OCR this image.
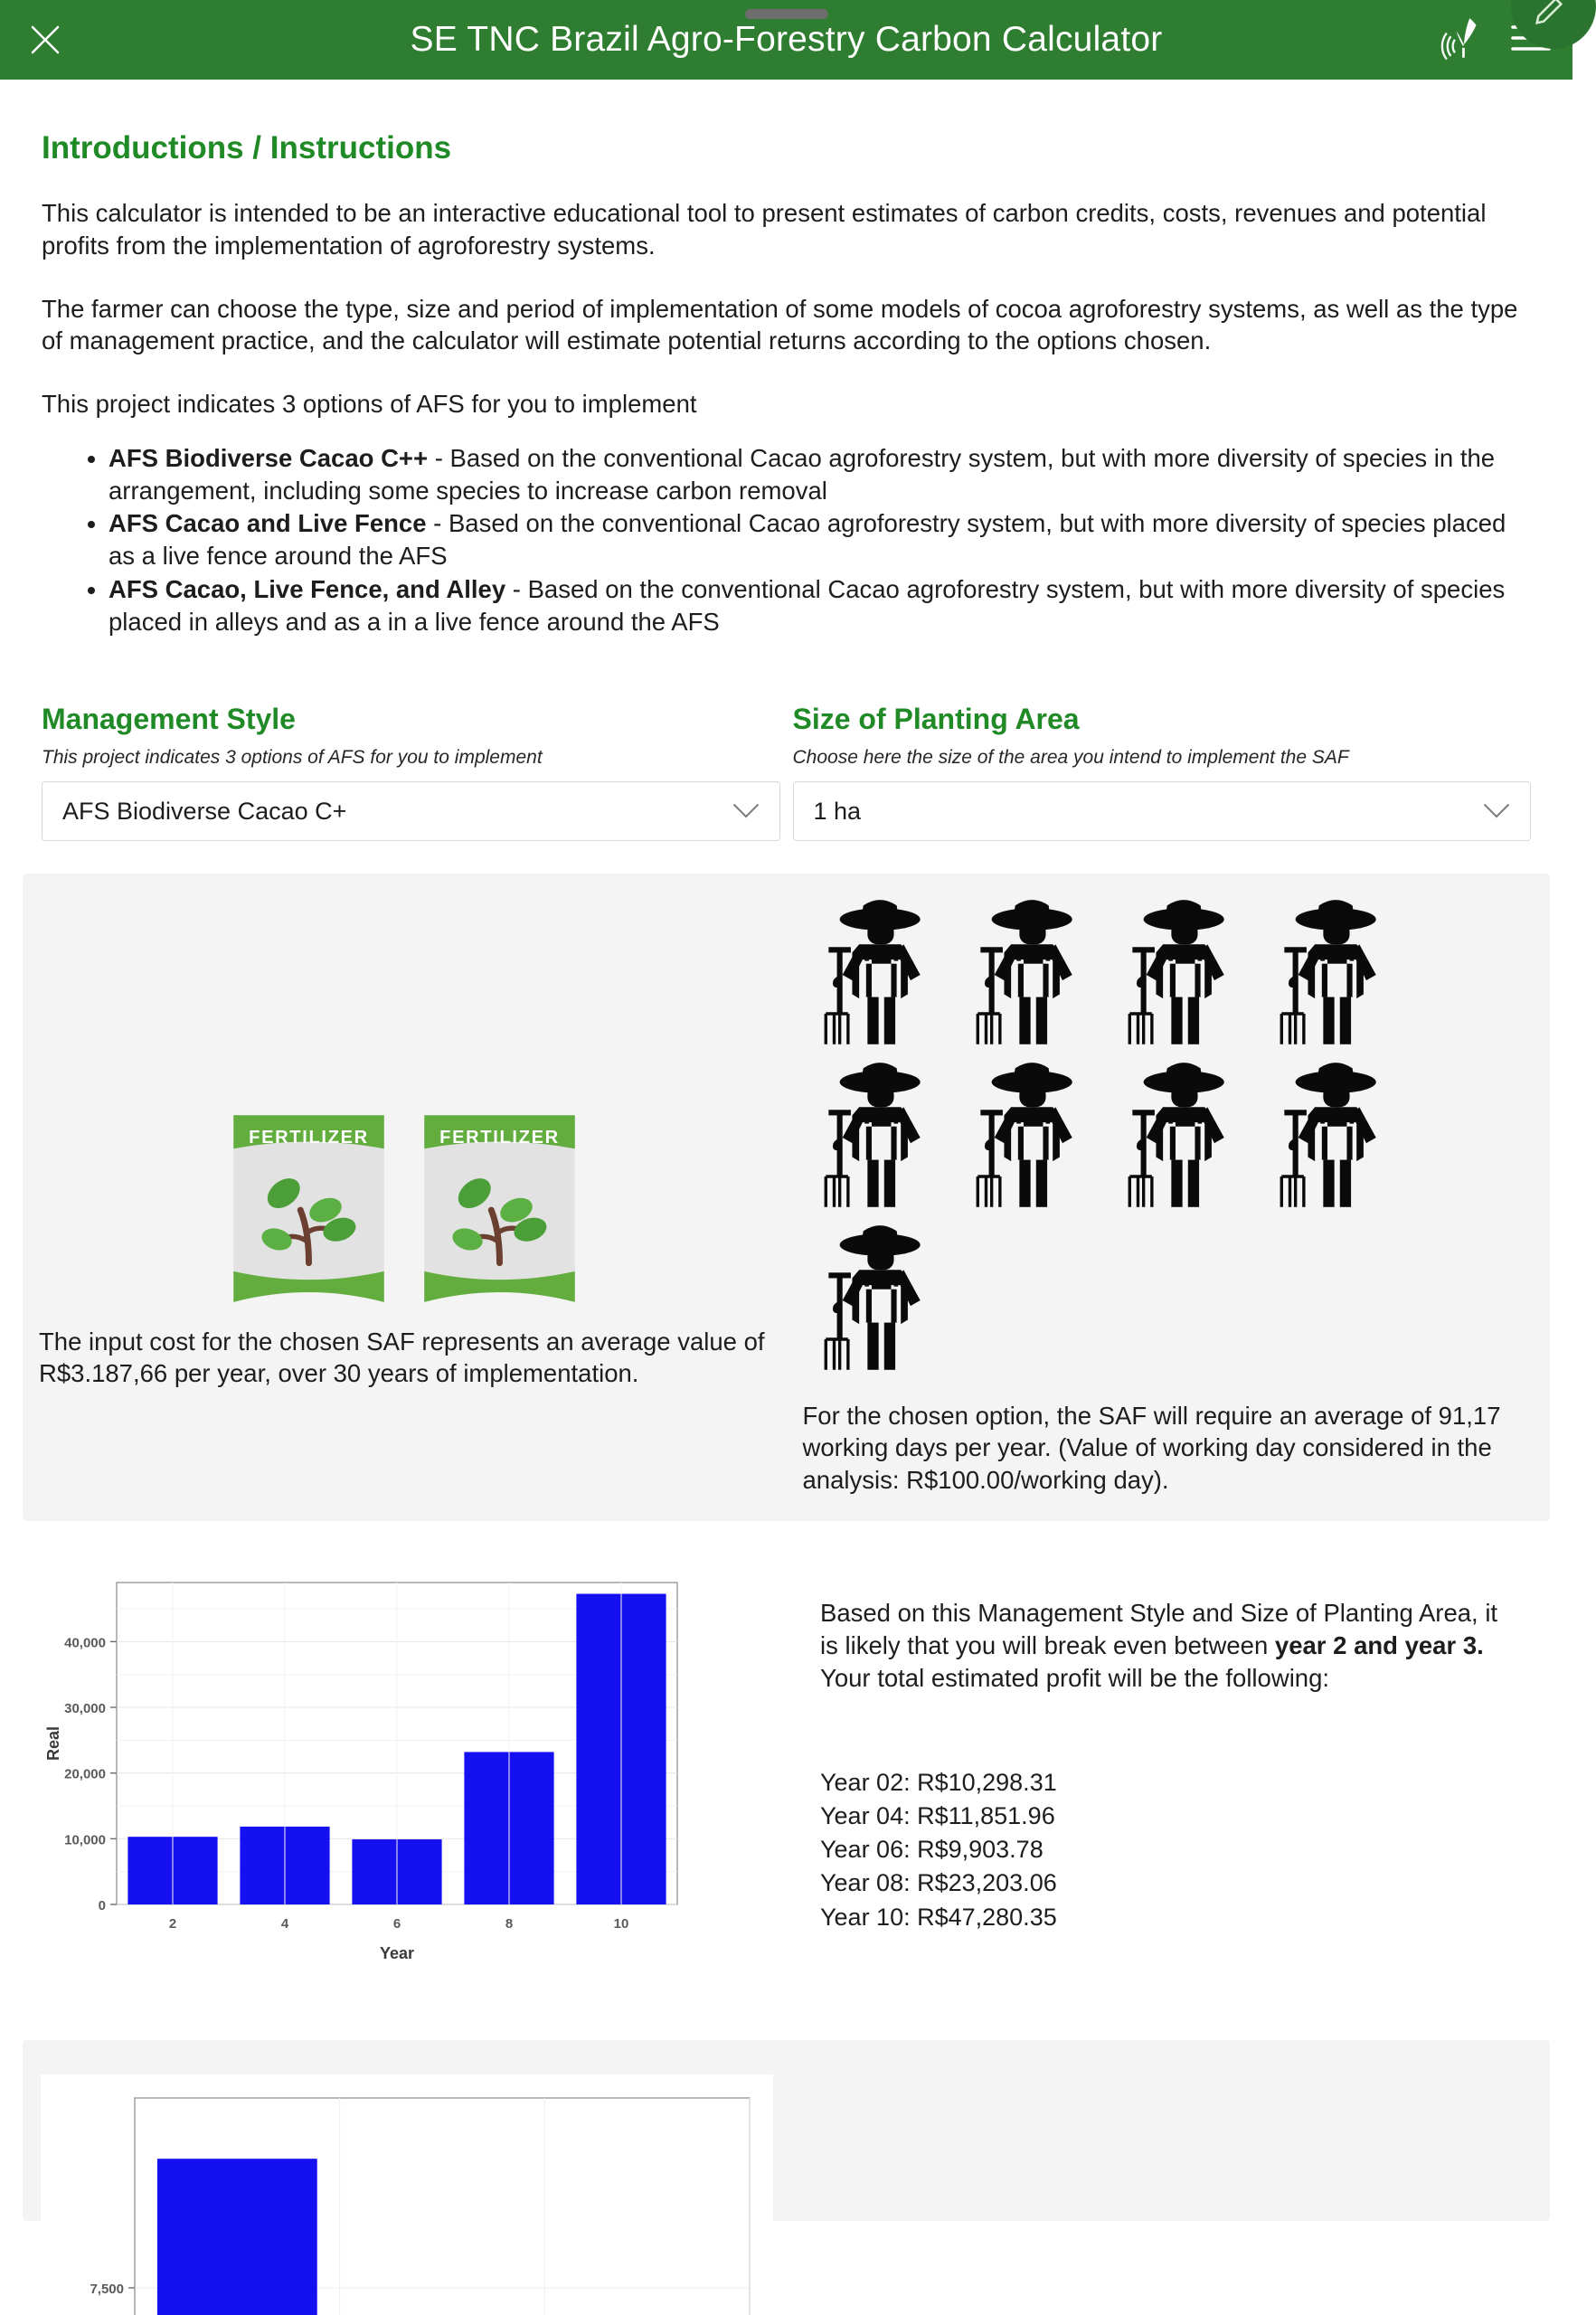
SE TNC Brazil Agro-Forestry Carbon Calculator
Introductions / Instructions

This calculator is intended to be an interactive educational tool to present estimates of carbon credits, costs, revenues and potential profits from the implementation of agroforestry systems.

The farmer can choose the type, size and period of implementation of some models of cocoa agroforestry systems, as well as the type of management practice, and the calculator will estimate potential returns according to the options chosen.

This project indicates 3 options of AFS for you to implement

• AFS Biodiverse Cacao C++ - Based on the conventional Cacao agroforestry system, but with more diversity of species in the arrangement, including some species to increase carbon removal
• AFS Cacao and Live Fence - Based on the conventional Cacao agroforestry system, but with more diversity of species placed as a live fence around the AFS
• AFS Cacao, Live Fence, and Alley - Based on the conventional Cacao agroforestry system, but with more diversity of species placed in alleys and as a in a live fence around the AFS
Management Style
This project indicates 3 options of AFS for you to implement
AFS Biodiverse Cacao C+
Size of Planting Area
Choose here the size of the area you intend to implement the SAF
1 ha
FERTILIZER	FERTILIZER
The input cost for the chosen SAF represents an average value of R$3.187,66 per year, over 30 years of implementation.
For the chosen option, the SAF will require an average of 91,17 working days per year. (Value of working day considered in the analysis: R$100.00/working day).
0
10,000
20,000
30,000
40,000
2	4	6	8	10
Year
Real
Based on this Management Style and Size of Planting Area, it is likely that you will break even between year 2 and year 3. Your total estimated profit will be the following:
Year 02: R$10,298.31
Year 04: R$11,851.96
Year 06: R$9,903.78
Year 08: R$23,203.06
Year 10: R$47,280.35
7,500
